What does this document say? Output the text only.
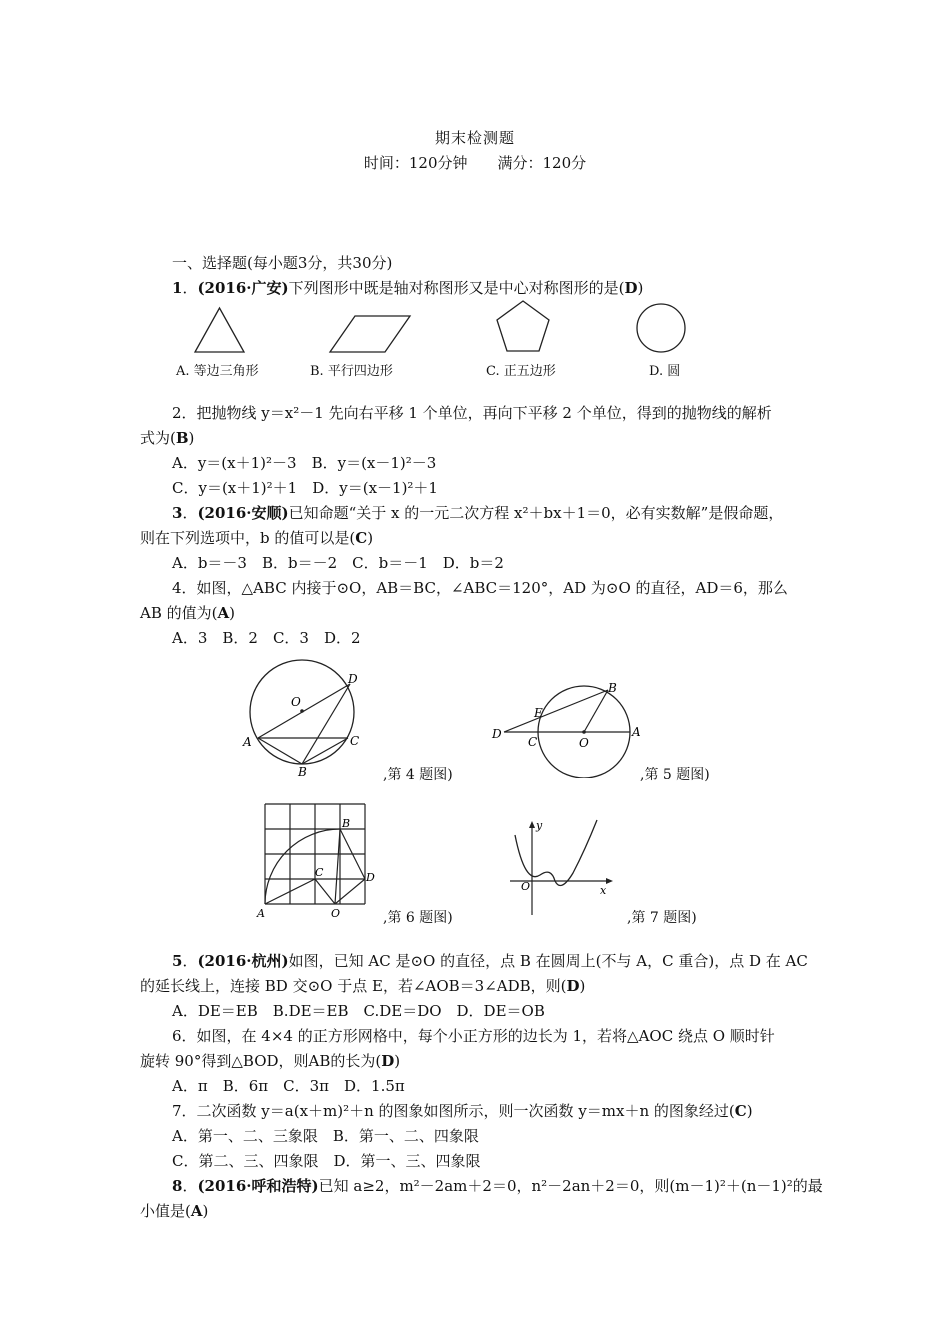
期末检测题
时间：120分钟　　满分：120分
一、选择题(每小题3分，共30分)
1．(2016·广安)下列图形中既是轴对称图形又是中心对称图形的是(D)
A. 等边三角形	B. 平行四边形	C. 正五边形	D. 圆
2．把抛物线 y＝x²－1 先向右平移 1 个单位，再向下平移 2 个单位，得到的抛物线的解析
式为(B)
A．y＝(x＋1)²－3　B．y＝(x－1)²－3
C．y＝(x＋1)²＋1　D．y＝(x－1)²＋1
3．(2016·安顺)已知命题“关于 x 的一元二次方程 x²＋bx＋1＝0，必有实数解”是假命题，
则在下列选项中，b 的值可以是(C)
A．b＝－3　B．b＝－2　C．b＝－1　D．b＝2
4．如图，△ABC 内接于⊙O，AB＝BC，∠ABC＝120°，AD 为⊙O 的直径，AD＝6，那么
AB 的值为(A)
A．3　B．2　C．3　D．2
O
D
A	C
B	,第 4 题图)
B
E
D
C	O
A
,第 5 题图)
B
C	D
A	O	,第 6 题图)
y
O	x
,第 7 题图)
5．(2016·杭州)如图，已知 AC 是⊙O 的直径，点 B 在圆周上(不与 A，C 重合)，点 D 在 AC
的延长线上，连接 BD 交⊙O 于点 E，若∠AOB＝3∠ADB，则(D)
A．DE＝EB　B.DE＝EB　C.DE＝DO　D．DE＝OB
6．如图，在 4×4 的正方形网格中，每个小正方形的边长为 1，若将△AOC 绕点 O 顺时针
旋转 90°得到△BOD，则AB的长为(D)
A．π　B．6π　C．3π　D．1.5π
7．二次函数 y＝a(x＋m)²＋n 的图象如图所示，则一次函数 y＝mx＋n 的图象经过(C)
A．第一、二、三象限　B．第一、二、四象限
C．第二、三、四象限　D．第一、三、四象限
8．(2016·呼和浩特)已知 a≥2，m²－2am＋2＝0，n²－2an＋2＝0，则(m－1)²＋(n－1)²的最
小值是(A)
